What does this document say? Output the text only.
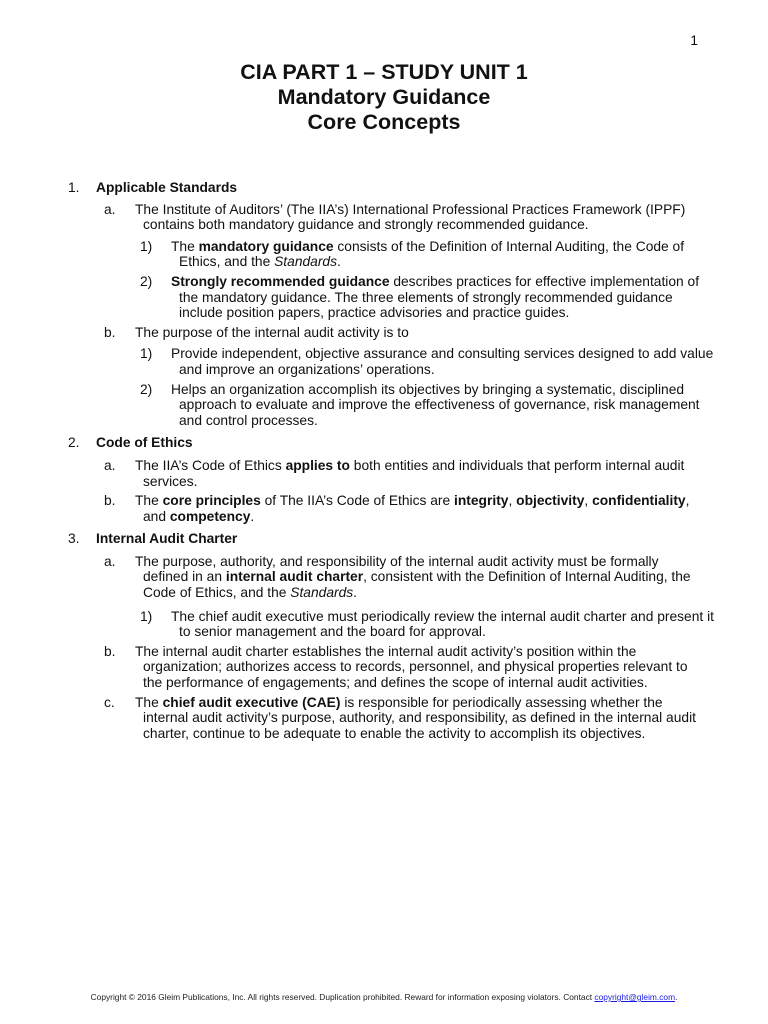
1
CIA PART 1 – STUDY UNIT 1
Mandatory Guidance
Core Concepts
1. Applicable Standards
a. The Institute of Auditors’ (The IIA’s) International Professional Practices Framework (IPPF) contains both mandatory guidance and strongly recommended guidance.
1) The mandatory guidance consists of the Definition of Internal Auditing, the Code of Ethics, and the Standards.
2) Strongly recommended guidance describes practices for effective implementation of the mandatory guidance. The three elements of strongly recommended guidance include position papers, practice advisories and practice guides.
b. The purpose of the internal audit activity is to
1) Provide independent, objective assurance and consulting services designed to add value and improve an organizations’ operations.
2) Helps an organization accomplish its objectives by bringing a systematic, disciplined approach to evaluate and improve the effectiveness of governance, risk management and control processes.
2. Code of Ethics
a. The IIA’s Code of Ethics applies to both entities and individuals that perform internal audit services.
b. The core principles of The IIA’s Code of Ethics are integrity, objectivity, confidentiality, and competency.
3. Internal Audit Charter
a. The purpose, authority, and responsibility of the internal audit activity must be formally defined in an internal audit charter, consistent with the Definition of Internal Auditing, the Code of Ethics, and the Standards.
1) The chief audit executive must periodically review the internal audit charter and present it to senior management and the board for approval.
b. The internal audit charter establishes the internal audit activity’s position within the organization; authorizes access to records, personnel, and physical properties relevant to the performance of engagements; and defines the scope of internal audit activities.
c. The chief audit executive (CAE) is responsible for periodically assessing whether the internal audit activity’s purpose, authority, and responsibility, as defined in the internal audit charter, continue to be adequate to enable the activity to accomplish its objectives.
Copyright © 2016 Gleim Publications, Inc. All rights reserved. Duplication prohibited. Reward for information exposing violators. Contact copyright@gleim.com.
